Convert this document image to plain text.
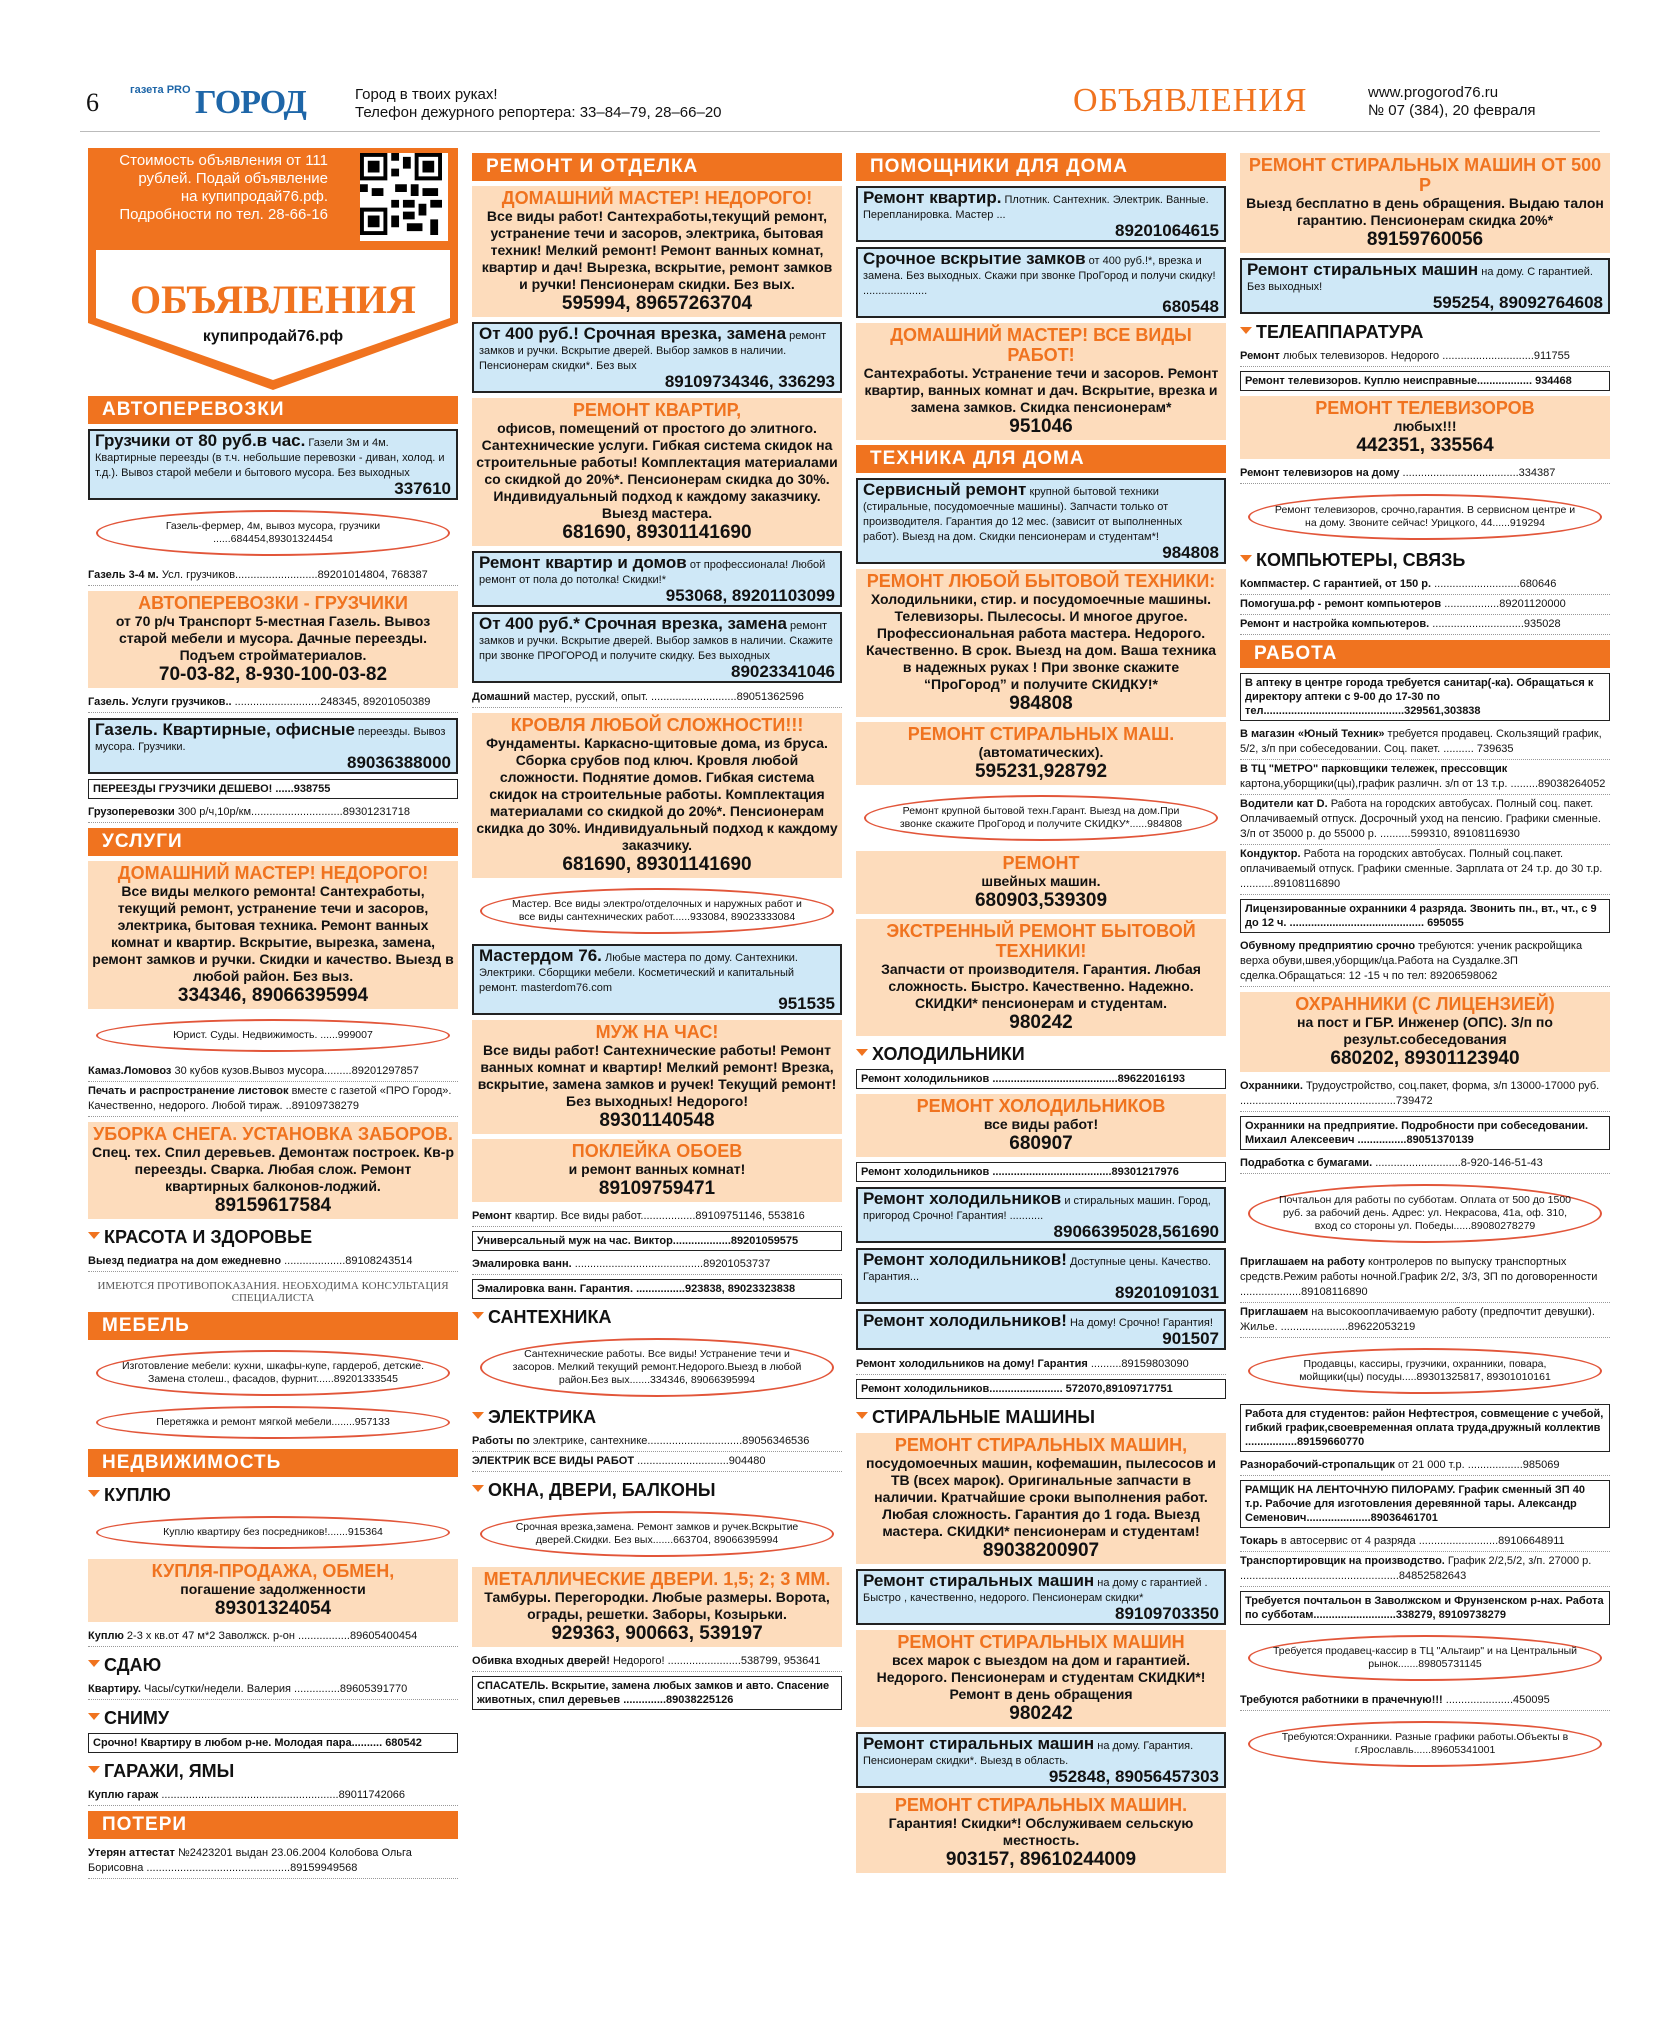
6	газета PRO ГОРОД	Город в твоих руках!
Телефон дежурного репортера: 33–84–79, 28–66–20	ОБЪЯВЛЕНИЯ	www.progorod76.ru
№ 07 (384), 20 февраля
Стоимость объявления от 111 рублей. Подай объявление на купипродай76.рф. Подробности по тел. 28-66-16
ОБЪЯВЛЕНИЯ
купипродай76.рф
АВТОПЕРЕВОЗКИ
Грузчики от 80 руб.в час. Газели 3м и 4м. Квартирные переезды (в т.ч. небольшие перевозки - диван, холод. и т.д.). Вывоз старой мебели и бытового мусора. Без выходных
337610
Газель-фермер, 4м, вывоз мусора, грузчики ......684454,89301324454
Газель 3-4 м. Усл. грузчиков...........................89201014804, 768387
АВТОПЕРЕВОЗКИ - ГРУЗЧИКИ
от 70 р/ч Транспорт 5-местная Газель. Вывоз старой мебели и мусора. Дачные переезды. Подъем стройматериалов.
70-03-82, 8-930-100-03-82
Газель. Услуги грузчиков.. ............................248345, 89201050389
Газель. Квартирные, офисные переезды. Вывоз мусора. Грузчики.
89036388000
ПЕРЕЕЗДЫ ГРУЗЧИКИ ДЕШЕВО! ......938755
Грузоперевозки 300 р/ч,10р/км..............................89301231718
УСЛУГИ
ДОМАШНИЙ МАСТЕР! НЕДОРОГО!
Все виды мелкого ремонта! Сантехработы, текущий ремонт, устранение течи и засоров, электрика, бытовая техника. Ремонт ванных комнат и квартир. Вскрытие, вырезка, замена, ремонт замков и ручки. Скидки и качество. Выезд в любой район. Без выз.
334346, 89066395994
Юрист. Суды. Недвижимость. ......999007
Камаз.Ломовоз 30 кубов кузов.Вывоз мусора.........89201297857
Печать и распространение листовок вместе с газетой «ПРО Город». Качественно, недорого. Любой тираж. ..89109738279
УБОРКА СНЕГА. УСТАНОВКА ЗАБОРОВ.
Спец. тех. Спил деревьев. Демонтаж построек. Кв-р переезды. Сварка. Любая слож. Ремонт квартирных балконов-лоджий.
89159617584
КРАСОТА И ЗДОРОВЬЕ
Выезд педиатра на дом ежедневно ....................89108243514
ИМЕЮТСЯ ПРОТИВОПОКАЗАНИЯ. НЕОБХОДИМА КОНСУЛЬТАЦИЯ СПЕЦИАЛИСТА
МЕБЕЛЬ
Изготовление мебели: кухни, шкафы-купе, гардероб, детские. Замена столеш., фасадов, фурнит......89201333545
Перетяжка и ремонт мягкой мебели........957133
НЕДВИЖИМОСТЬ
КУПЛЮ
Куплю квартиру без посредников!.......915364
КУПЛЯ-ПРОДАЖА, ОБМЕН,
погашение задолженности
89301324054
Куплю 2-3 х кв.от 47 м*2 Заволжск. р-он .................89605400454
СДАЮ
Квартиру. Часы/сутки/недели. Валерия ...............89605391770
СНИМУ
Срочно! Квартиру в любом р-не. Молодая пара.......... 680542
ГАРАЖИ, ЯМЫ
Куплю гараж ..........................................................89011742066
ПОТЕРИ
Утерян аттестат №2423201 выдан 23.06.2004 Колобова Ольга Борисовна ...............................................89159949568
РЕМОНТ И ОТДЕЛКА
ДОМАШНИЙ МАСТЕР! НЕДОРОГО!
Все виды работ! Сантехработы,текущий ремонт, устранение течи и засоров, электрика, бытовая техник! Мелкий ремонт! Ремонт ванных комнат, квартир и дач! Вырезка, вскрытие, ремонт замков и ручки! Пенсионерам скидки. Без вых.
595994, 89657263704
От 400 руб.! Срочная врезка, замена ремонт замков и ручки. Вскрытие дверей. Выбор замков в наличии. Пенсионерам скидки*. Без вых
89109734346, 336293
РЕМОНТ КВАРТИР,
офисов, помещений от простого до элитного. Сантехнические услуги. Гибкая система скидок на строительные работы! Комплектация материалами со скидкой до 20%*. Пенсионерам скидка до 30%. Индивидуальный подход к каждому заказчику. Выезд мастера.
681690, 89301141690
Ремонт квартир и домов от профессионала! Любой ремонт от пола до потолка! Скидки!*
953068, 89201103099
От 400 руб.* Срочная врезка, замена ремонт замков и ручки. Вскрытие дверей. Выбор замков в наличии. Скажите при звонке ПРОГОРОД и получите скидку. Без выходных
89023341046
Домашний мастер, русский, опыт. ............................89051362596
КРОВЛЯ ЛЮБОЙ СЛОЖНОСТИ!!!
Фундаменты. Каркасно-щитовые дома, из бруса. Сборка срубов под ключ. Кровля любой сложности. Поднятие домов. Гибкая система скидок на строительные работы. Комплектация материалами со скидкой до 20%*. Пенсионерам скидка до 30%. Индивидуальный подход к каждому заказчику.
681690, 89301141690
Мастер. Все виды электро/отделочных и наружных работ и все виды сантехнических работ......933084, 89023333084
Мастердом 76. Любые мастера по дому. Сантехники. Электрики. Сборщики мебели. Косметический и капитальный ремонт. masterdom76.com
951535
МУЖ НА ЧАС!
Все виды работ! Сантехнические работы! Ремонт ванных комнат и квартир! Мелкий ремонт! Врезка, вскрытие, замена замков и ручек! Текущий ремонт! Без выходных! Недорого!
89301140548
ПОКЛЕЙКА ОБОЕВ
и ремонт ванных комнат!
89109759471
Ремонт квартир. Все виды работ..................89109751146, 553816
Универсальный муж на час. Виктор...................89201059575
Эмалировка ванн. ..........................................89201053737
Эмалировка ванн. Гарантия. ................923838, 89023323838
САНТЕХНИКА
Сантехнические работы. Все виды! Устранение течи и засоров. Мелкий текущий ремонт.Недорого.Выезд в любой район.Без вых.......334346, 89066395994
ЭЛЕКТРИКА
Работы по электрике, сантехнике...............................89056346536
ЭЛЕКТРИК ВСЕ ВИДЫ РАБОТ ..............................904480
ОКНА, ДВЕРИ, БАЛКОНЫ
Срочная врезка,замена. Ремонт замков и ручек.Вскрытие дверей.Скидки. Без вых.......663704, 89066395994
МЕТАЛЛИЧЕСКИЕ ДВЕРИ. 1,5; 2; 3 ММ.
Тамбуры. Перегородки. Любые размеры. Ворота, ограды, решетки. Заборы, Козырьки.
929363, 900663, 539197
Обивка входных дверей! Недорого! ........................538799, 953641
СПАСАТЕЛЬ. Вскрытие, замена любых замков и авто. Спасение животных, спил деревьев ..............89038225126
ПОМОЩНИКИ ДЛЯ ДОМА
Ремонт квартир. Плотник. Сантехник. Электрик. Ванные. Перепланировка. Мастер ...
89201064615
Срочное вскрытие замков от 400 руб.!*, врезка и замена. Без выходных. Скажи при звонке ПроГород и получи скидку! .....................
680548
ДОМАШНИЙ МАСТЕР! ВСЕ ВИДЫ РАБОТ!
Сантехработы. Устранение течи и засоров. Ремонт квартир, ванных комнат и дач. Вскрытие, врезка и замена замков. Скидка пенсионерам*
951046
ТЕХНИКА ДЛЯ ДОМА
Сервисный ремонт крупной бытовой техники (стиральные, посудомоечные машины). Запчасти только от производителя. Гарантия до 12 мес. (зависит от выполненных работ). Выезд на дом. Скидки пенсионерам и студентам*!
984808
РЕМОНТ ЛЮБОЙ БЫТОВОЙ ТЕХНИКИ:
Холодильники, стир. и посудомоечные машины. Телевизоры. Пылесосы. И многое другое. Профессиональная работа мастера. Недорого. Качественно. В срок. Выезд на дом. Ваша техника в надежных руках ! При звонке скажите “ПроГород” и получите СКИДКУ!*
984808
РЕМОНТ СТИРАЛЬНЫХ МАШ.
(автоматических).
595231,928792
Ремонт крупной бытовой техн.Гарант. Выезд на дом.При звонке скажите ПроГород и получите СКИДКУ*......984808
РЕМОНТ
швейных машин.
680903,539309
ЭКСТРЕННЫЙ РЕМОНТ БЫТОВОЙ ТЕХНИКИ!
Запчасти от производителя. Гарантия. Любая сложность. Быстро. Качественно. Надежно. СКИДКИ* пенсионерам и студентам.
980242
ХОЛОДИЛЬНИКИ
Ремонт холодильников .........................................89622016193
РЕМОНТ ХОЛОДИЛЬНИКОВ
все виды работ!
680907
Ремонт холодильников .......................................89301217976
Ремонт холодильников и стиральных машин. Город, пригород Срочно! Гарантия! ...........
89066395028,561690
Ремонт холодильников! Доступные цены. Качество. Гарантия...
89201091031
Ремонт холодильников! На дому! Срочно! Гарантия!
901507
Ремонт холодильников на дому! Гарантия ..........89159803090
Ремонт холодильников........................ 572070,89109717751
СТИРАЛЬНЫЕ МАШИНЫ
РЕМОНТ СТИРАЛЬНЫХ МАШИН,
посудомоечных машин, кофемашин, пылесосов и ТВ (всех марок). Оригинальные запчасти в наличии. Кратчайшие сроки выполнения работ. Любая сложность. Гарантия до 1 года. Выезд мастера. СКИДКИ* пенсионерам и студентам!
89038200907
Ремонт стиральных машин на дому с гарантией . Быстро , качественно, недорого. Пенсионерам скидки*
89109703350
РЕМОНТ СТИРАЛЬНЫХ МАШИН
всех марок с выездом на дом и гарантией. Недорого. Пенсионерам и студентам СКИДКИ*! Ремонт в день обращения
980242
Ремонт стиральных машин на дому. Гарантия. Пенсионерам скидки*. Выезд в область.
952848, 89056457303
РЕМОНТ СТИРАЛЬНЫХ МАШИН.
Гарантия! Скидки*! Обслуживаем сельскую местность.
903157, 89610244009
РЕМОНТ СТИРАЛЬНЫХ МАШИН ОТ 500 Р
Выезд бесплатно в день обращения. Выдаю талон гарантию. Пенсионерам скидка 20%*
89159760056
Ремонт стиральных машин на дому. С гарантией. Без выходных!
595254, 89092764608
ТЕЛЕАППАРАТУРА
Ремонт любых телевизоров. Недорого ..............................911755
Ремонт телевизоров. Куплю неисправные.................. 934468
РЕМОНТ ТЕЛЕВИЗОРОВ
любых!!!
442351, 335564
Ремонт телевизоров на дому ......................................334387
Ремонт телевизоров, срочно,гарантия. В сервисном центре и на дому. Звоните сейчас! Урицкого, 44......919294
КОМПЬЮТЕРЫ, СВЯЗЬ
Компмастер. С гарантией, от 150 р. ............................680646
Помогуша.рф - ремонт компьютеров ..................89201120000
Ремонт и настройка компьютеров. ..............................935028
РАБОТА
В аптеку в центре города требуется санитар(-ка). Обращаться к директору аптеки с 9-00 до 17-30 по тел..............................................329561,303838
В магазин «Юный Техник» требуется продавец. Скользящий график, 5/2, з/п при собеседовании. Соц. пакет. .......... 739635
В ТЦ "МЕТРО" парковщики тележек, прессовщик картона,уборщики(цы),график различн. з/п от 13 т.р. .........89038264052
Водители кат D. Работа на городских автобусах. Полный соц. пакет. Оплачиваемый отпуск. Досрочный уход на пенсию. Графики сменные. З/п от 35000 р. до 55000 р. ..........599310, 89108116930
Кондуктор. Работа на городских автобусах. Полный соц.пакет. оплачиваемый отпуск. Графики сменные. Зарплата от 24 т.р. до 30 т.р. ...........89108116890
Лицензированные охранники 4 разряда. Звонить пн., вт., чт., с 9 до 12 ч. ............................................ 695055
Обувному предприятию срочно требуются: ученик раскройщика верха обуви,швея,уборщик/ца.Работа на Суздалке.ЗП сделка.Обращаться: 12 -15 ч по тел: 89206598062
ОХРАННИКИ (С ЛИЦЕНЗИЕЙ)
на пост и ГБР. Инженер (ОПС). З/п по результ.собеседования
680202, 89301123940
Охранники. Трудоустройство, соц.пакет, форма, з/п 13000-17000 руб. ...................................................739472
Охранники на предприятие. Подробности при собеседовании. Михаил Алексеевич ................89051370139
Подработка с бумагами. ............................8-920-146-51-43
Почтальон для работы по субботам. Оплата от 500 до 1500 руб. за рабочий день. Адрес: ул. Некрасова, 41а, оф. 310, вход со стороны ул. Победы......89080278279
Приглашаем на работу контролеров по выпуску транспортных средств.Режим работы ночной.График 2/2, 3/3, ЗП по договоренности ....................89108116890
Приглашаем на высокооплачиваемую работу (предпочтит девушки). Жилье. ......................89622053219
Продавцы, кассиры, грузчики, охранники, повара, мойщики(цы) посуды.....89301325817, 89301010161
Работа для студентов: район Нефтестроя, совмещение с учебой, гибкий график,своевременная оплата труда,дружный коллектив .................89159660770
Разнорабочий-стропальщик от 21 000 т.р. ..................985069
РАМЩИК НА ЛЕНТОЧНУЮ ПИЛОРАМУ. График сменный ЗП 40 т.р. Рабочие для изготовления деревянной тары. Александр Семенович.....................89036461701
Токарь в автосервис от 4 разряда ..........................89106648911
Транспортировщик на производство. График 2/2,5/2, з/п. 27000 р. ....................................................84852582643
Требуется почтальон в Заволжском и Фрунзенском р-нах. Работа по субботам...........................338279, 89109738279
Требуется продавец-кассир в ТЦ "Альтаир" и на Центральный рынок.......89805731145
Требуются работники в прачечную!!! ......................450095
Требуются:Охранники. Разные графики работы.Объекты в г.Ярославль......89605341001
